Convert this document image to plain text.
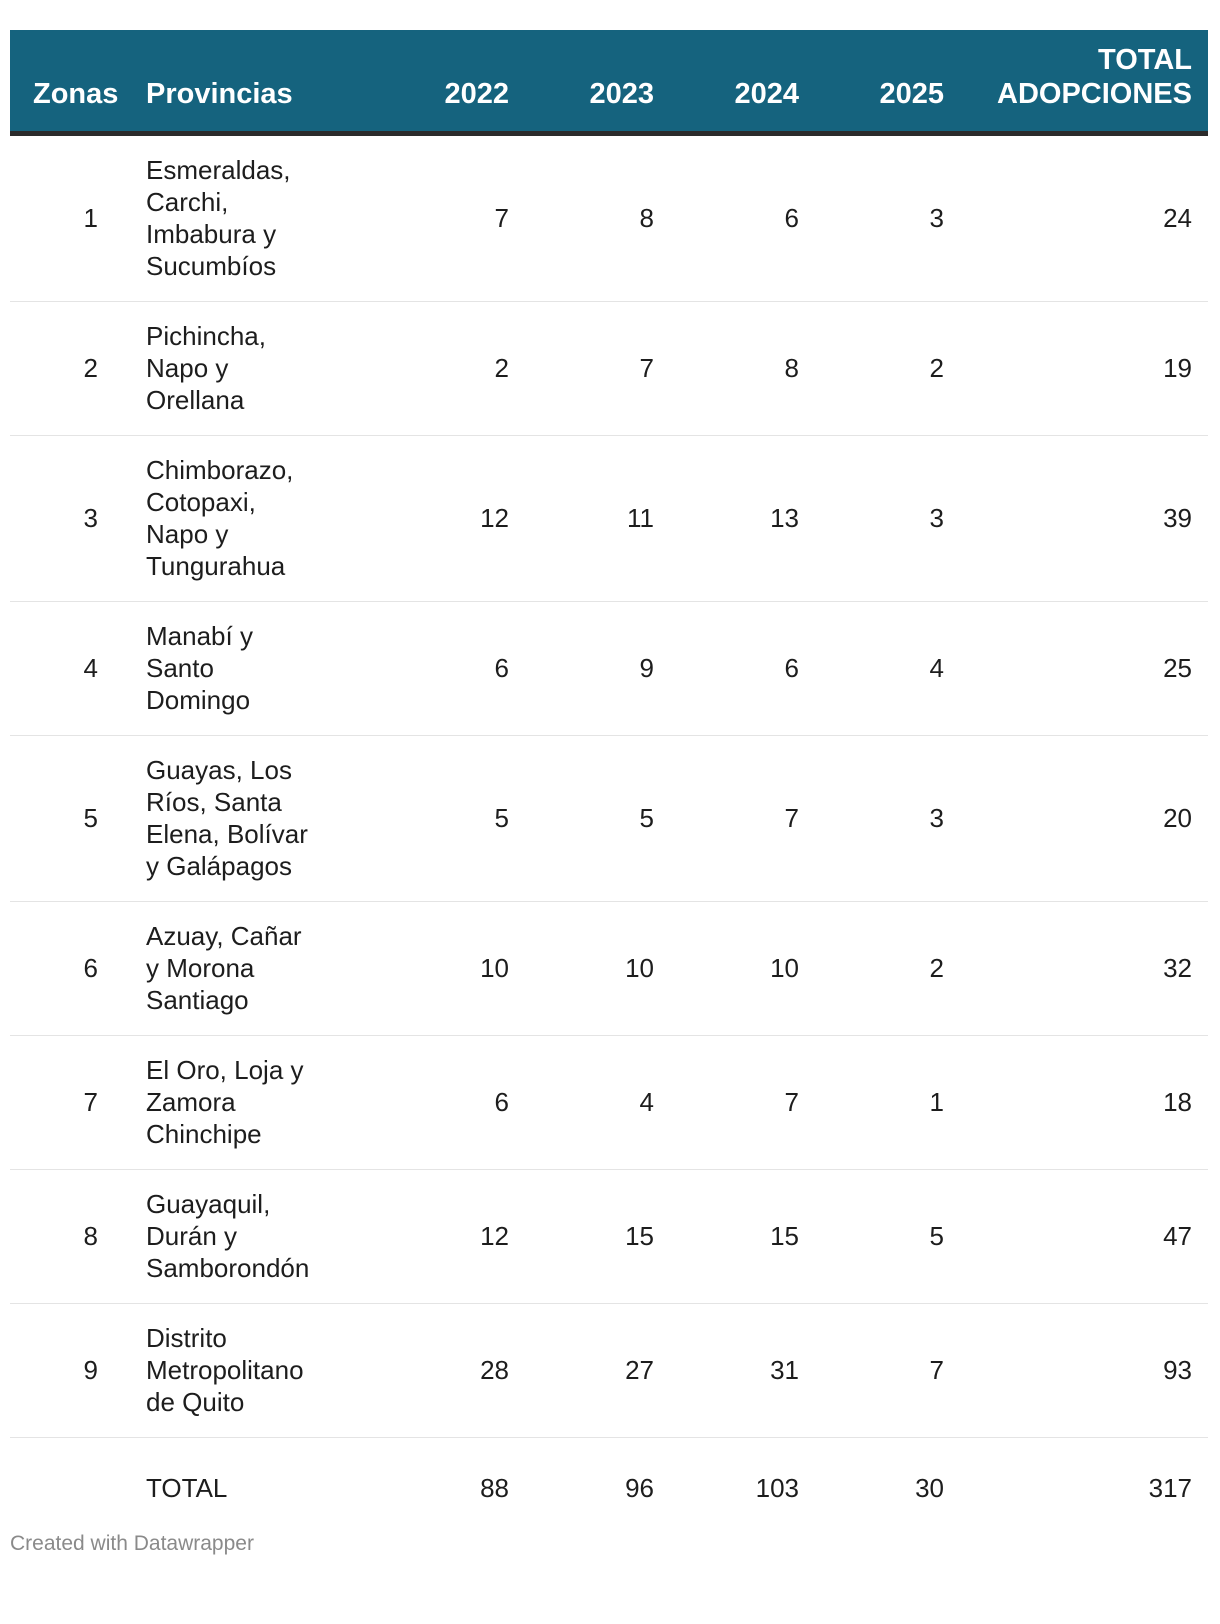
Zonas	Provincias	2022	2023	2024	2025	TOTAL
ADOPCIONES
1	Esmeraldas,
Carchi,
Imbabura y
Sucumbíos	7	8	6	3	24
2	Pichincha,
Napo y
Orellana	2	7	8	2	19
3	Chimborazo,
Cotopaxi,
Napo y
Tungurahua	12	11	13	3	39
4	Manabí y
Santo
Domingo	6	9	6	4	25
5	Guayas, Los
Ríos, Santa
Elena, Bolívar
y Galápagos	5	5	7	3	20
6	Azuay, Cañar
y Morona
Santiago	10	10	10	2	32
7	El Oro, Loja y
Zamora
Chinchipe	6	4	7	1	18
8	Guayaquil,
Durán y
Samborondón	12	15	15	5	47
9	Distrito
Metropolitano
de Quito	28	27	31	7	93
	TOTAL	88	96	103	30	317
Created with Datawrapper
